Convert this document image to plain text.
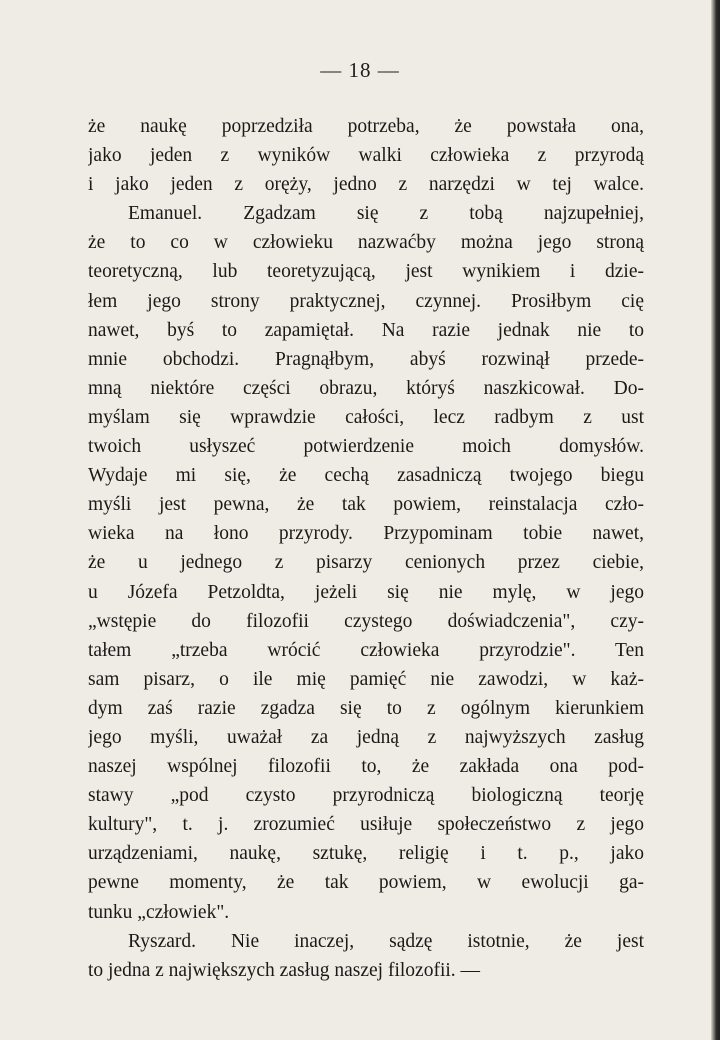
— 18 —
że naukę poprzedziła potrzeba, że powstała ona,
jako jeden z wyników walki człowieka z przyrodą
i jako jeden z oręży, jedno z narzędzi w tej walce.
Emanuel. Zgadzam się z tobą najzupełniej,
że to co w człowieku nazwaćby można jego stroną
teoretyczną, lub teoretyzującą, jest wynikiem i dzie-
łem jego strony praktycznej, czynnej. Prosiłbym cię
nawet, byś to zapamiętał. Na razie jednak nie to
mnie obchodzi. Pragnąłbym, abyś rozwinął przede-
mną niektóre części obrazu, któryś naszkicował. Do-
myślam się wprawdzie całości, lecz radbym z ust
twoich usłyszeć potwierdzenie moich domysłów.
Wydaje mi się, że cechą zasadniczą twojego biegu
myśli jest pewna, że tak powiem, reinstalacja czło-
wieka na łono przyrody. Przypominam tobie nawet,
że u jednego z pisarzy cenionych przez ciebie,
u Józefa Petzoldta, jeżeli się nie mylę, w jego
„wstępie do filozofii czystego doświadczenia", czy-
tałem „trzeba wrócić człowieka przyrodzie". Ten
sam pisarz, o ile mię pamięć nie zawodzi, w każ-
dym zaś razie zgadza się to z ogólnym kierunkiem
jego myśli, uważał za jedną z najwyższych zasług
naszej wspólnej filozofii to, że zakłada ona pod-
stawy „pod czysto przyrodniczą biologiczną teorję
kultury", t. j. zrozumieć usiłuje społeczeństwo z jego
urządzeniami, naukę, sztukę, religię i t. p., jako
pewne momenty, że tak powiem, w ewolucji ga-
tunku „człowiek".
Ryszard. Nie inaczej, sądzę istotnie, że jest
to jedna z największych zasług naszej filozofii. —
